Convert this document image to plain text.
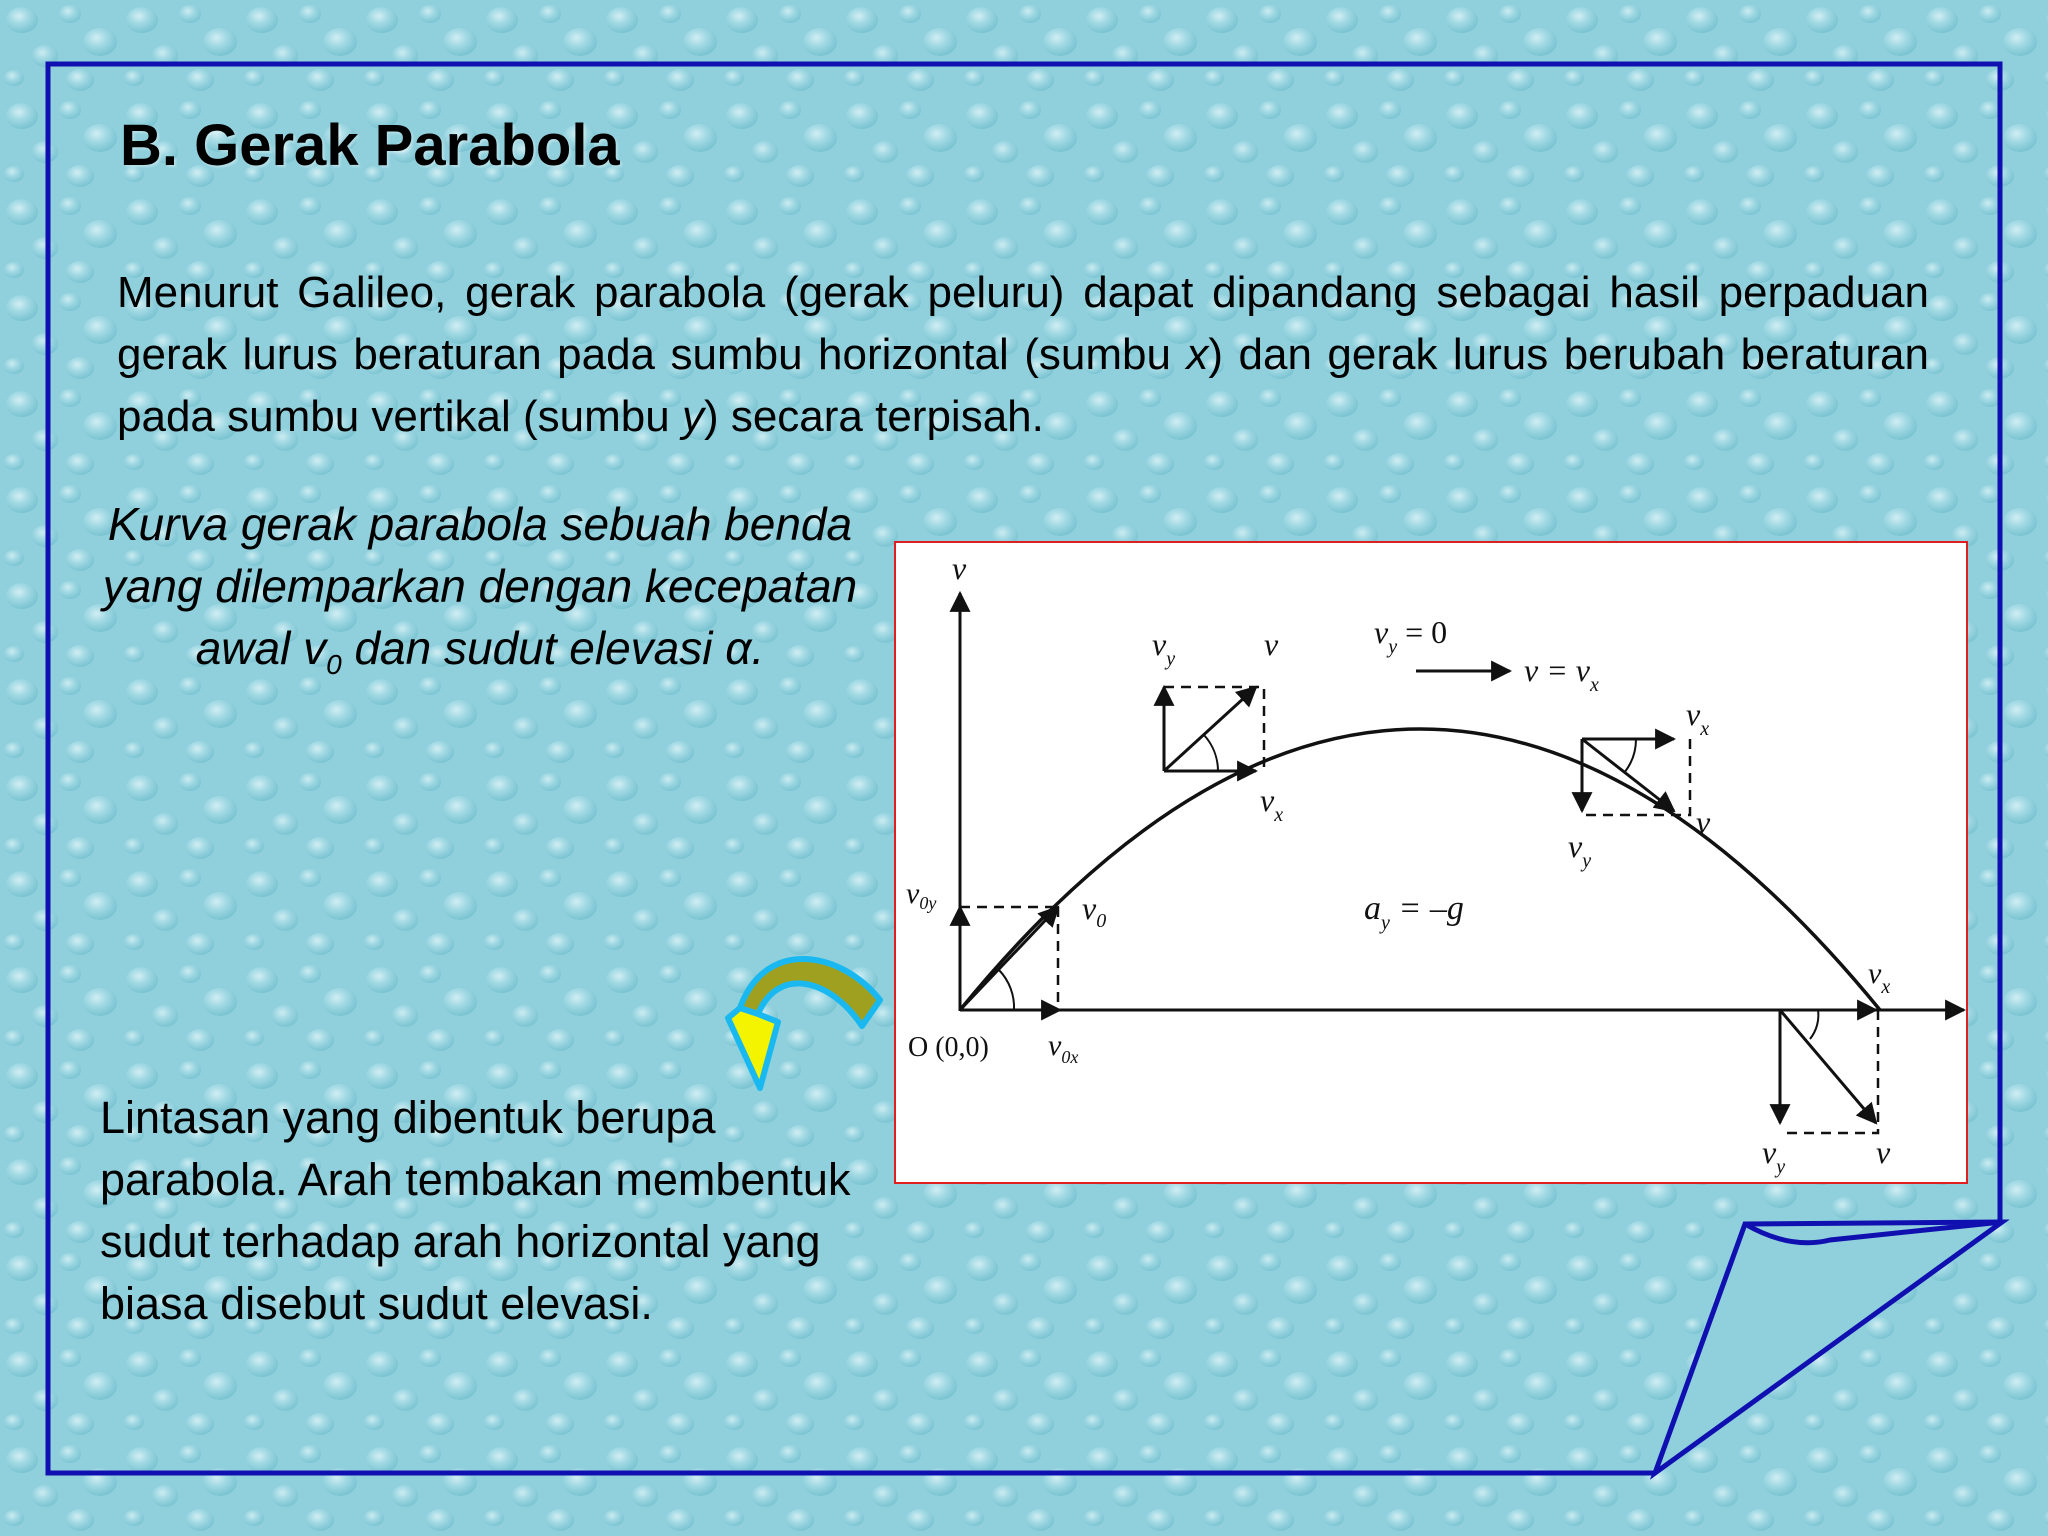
B. Gerak Parabola
Menurut Galileo, gerak parabola (gerak peluru) dapat dipandang sebagai hasil perpaduan gerak lurus beraturan pada sumbu horizontal (sumbu x) dan gerak lurus berubah beraturan pada sumbu vertikal (sumbu y) secara terpisah.
Kurva gerak parabola sebuah benda yang dilemparkan dengan kecepatan awal $v_0$ dan sudut elevasi α.
Lintasan yang dibentuk berupa parabola. Arah tembakan membentuk sudut terhadap arah horizontal yang biasa disebut sudut elevasi.
v
O (0,0)
$v_{0y}$	$v_0$
$v_{0x}$
$v_y$	v
$v_x$
$v_y = 0$
$v = v_x$
$v_x$
v
$v_y$
$a_y = -g$
$v_x$
$v_y$	v
